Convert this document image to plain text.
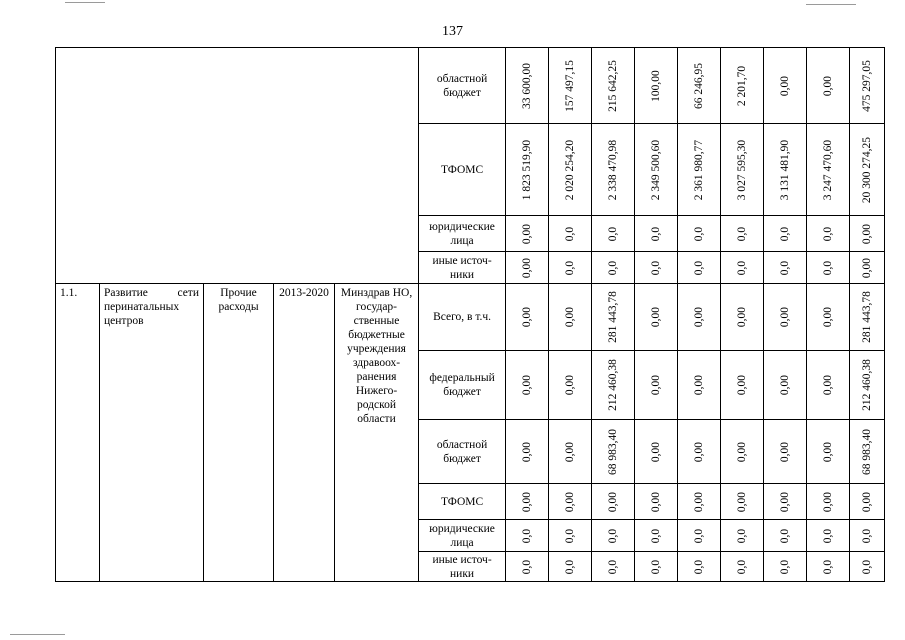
137
					областной бюджет	33 600,00	157 497,15	215 642,25	100,00	66 246,95	2 201,70	0,00	0,00	475 297,05

					ТФОМС	1 823 519,90	2 020 254,20	2 338 470,98	2 349 500,60	2 361 980,77	3 027 595,30	3 131 481,90	3 247 470,60	20 300 274,25

					юридические лица	0,00	0,0	0,0	0,0	0,0	0,0	0,0	0,0	0,00

					иные источ-ники	0,00	0,0	0,0	0,0	0,0	0,0	0,0	0,0	0,00

1.1.	Развитие сети перинатальных центров	Прочие расходы	2013-2020	Минздрав НО, государ-ственные бюджетные учреждения здравоох-ранения Нижего-родской области	Всего, в т.ч.	0,00	0,00	281 443,78	0,00	0,00	0,00	0,00	0,00	281 443,78

					федеральный бюджет	0,00	0,00	212 460,38	0,00	0,00	0,00	0,00	0,00	212 460,38

					областной бюджет	0,00	0,00	68 983,40	0,00	0,00	0,00	0,00	0,00	68 983,40

					ТФОМС	0,00	0,00	0,00	0,00	0,00	0,00	0,00	0,00	0,00

					юридические лица	0,0	0,0	0,0	0,0	0,0	0,0	0,0	0,0	0,0

					иные источ-ники	0,0	0,0	0,0	0,0	0,0	0,0	0,0	0,0	0,0
